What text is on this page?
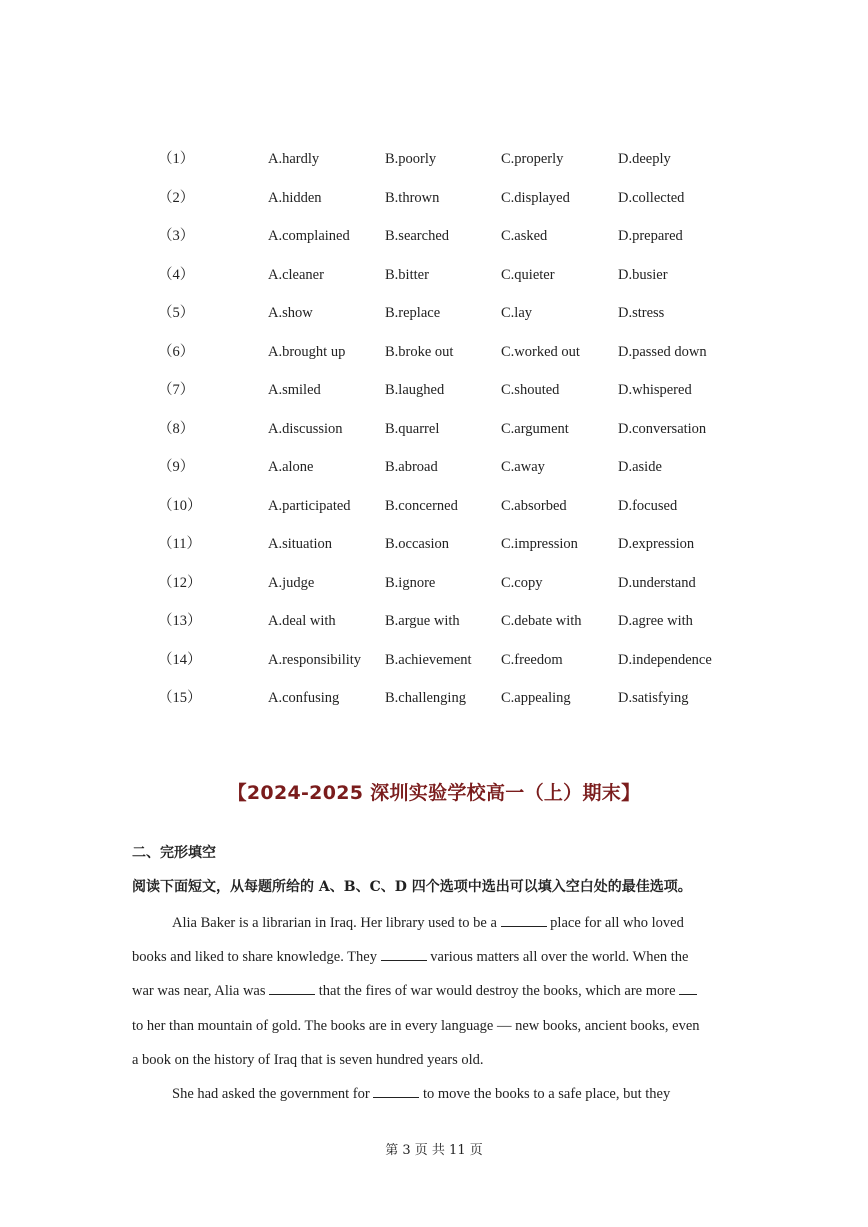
（1）	A.hardly	B.poorly	C.properly	D.deeply
（2）	A.hidden	B.thrown	C.displayed	D.collected
（3）	A.complained B.searched	C.asked	D.prepared
（4）	A.cleaner	B.bitter	C.quieter	D.busier
（5）	A.show	B.replace	C.lay	D.stress
（6）	A.brought up	B.broke out	C.worked out	D.passed down
（7）	A.smiled	B.laughed	C.shouted	D.whispered
（8）	A.discussion	B.quarrel	C.argument	D.conversation
（9）	A.alone	B.abroad	C.away	D.aside
（10）	A.participated B.concerned	C.absorbed	D.focused
（11）	A.situation	B.occasion	C.impression	D.expression
（12）	A.judge	B.ignore	C.copy	D.understand
（13）	A.deal with	B.argue with	C.debate with	D.agree with
（14）	A.responsibility B.achievement C.freedom	D.independence
（15）	A.confusing	B.challenging C.appealing	D.satisfying
【2024-2025 深圳实验学校高一（上）期末】
二、完形填空
阅读下面短文，从每题所给的 A、B、C、D 四个选项中选出可以填入空白处的最佳选项。
Alia Baker is a librarian in Iraq. Her library used to be a	place for all who loved
books and liked to share knowledge. They	various matters all over the world. When the
war was near, Alia was	that the fires of war would destroy the books, which are more
to her than mountain of gold. The books are in every language — new books, ancient books, even
a book on the history of Iraq that is seven hundred years old.
She had asked the government for	to move the books to a safe place, but they
第 3 页 共 11 页
